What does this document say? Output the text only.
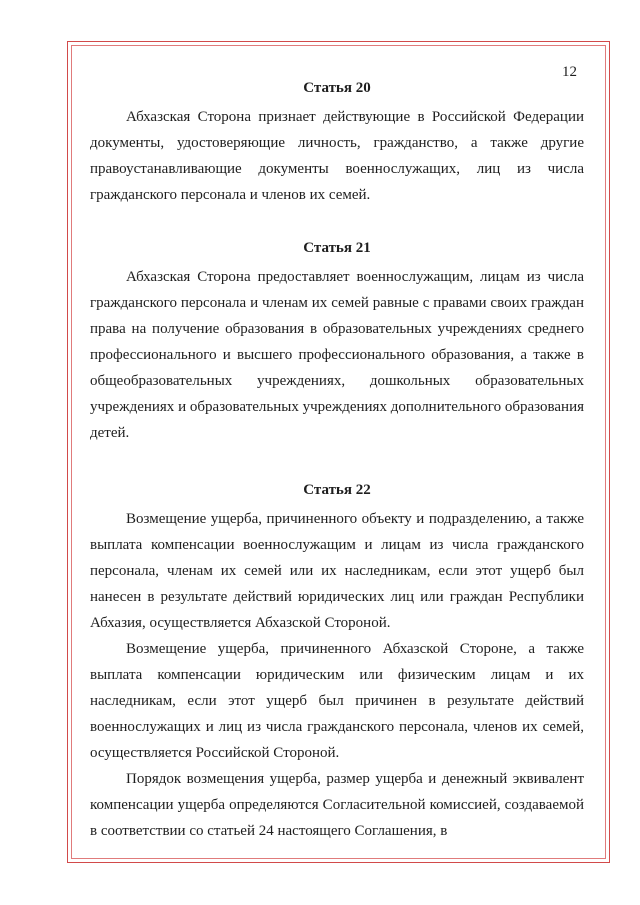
12
Статья 20

Абхазская Сторона признает действующие в Российской Федерации документы, удостоверяющие личность, гражданство, а также другие правоустанавливающие документы военнослужащих, лиц из числа гражданского персонала и членов их семей.

Статья 21

Абхазская Сторона предоставляет военнослужащим, лицам из числа гражданского персонала и членам их семей равные с правами своих граждан права на получение образования в образовательных учреждениях среднего профессионального и высшего профессионального образования, а также в общеобразовательных учреждениях, дошкольных образовательных учреждениях и образовательных учреждениях дополнительного образования детей.

Статья 22

Возмещение ущерба, причиненного объекту и подразделению, а также выплата компенсации военнослужащим и лицам из числа гражданского персонала, членам их семей или их наследникам, если этот ущерб был нанесен в результате действий юридических лиц или граждан Республики Абхазия, осуществляется Абхазской Стороной.

Возмещение ущерба, причиненного Абхазской Стороне, а также выплата компенсации юридическим или физическим лицам и их наследникам, если этот ущерб был причинен в результате действий военнослужащих и лиц из числа гражданского персонала, членов их семей, осуществляется Российской Стороной.

Порядок возмещения ущерба, размер ущерба и денежный эквивалент компенсации ущерба определяются Согласительной комиссией, создаваемой в соответствии со статьей 24 настоящего Соглашения, в
